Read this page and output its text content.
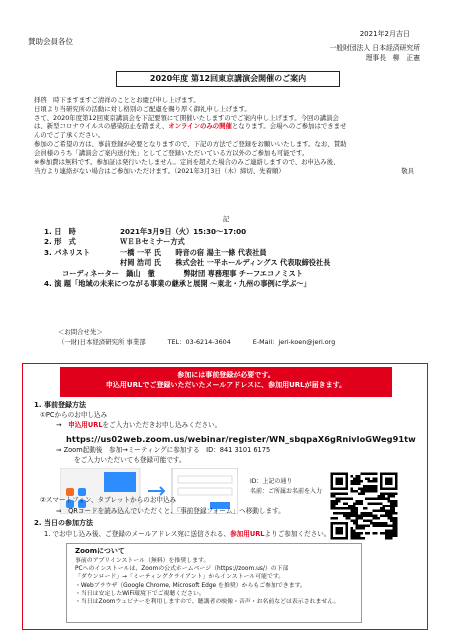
賛助会員各位
2021年2月吉日
一般財団法人 日本経済研究所
理事長　柳　正憲
2020年度 第12回東京講演会開催のご案内

拝啓　時下ますますご清祥のこととお慶び申し上げます。

日頃より当研究所の活動に対し格別のご配慮を賜り厚く御礼申し上げます。

さて、2020年度第12回東京講演会を下記要領にて開催いたしますのでご案内申し上げます。今回の講演会

は、新型コロナウイルスの感染防止を踏まえ、オンラインのみの開催となります。会場へのご参加はできませ

んのでご了承ください。

参加のご希望の方は、事前登録が必要となりますので、下記の方法でご登録をお願いいたします。なお、賛助

会員様のうち「講演会ご案内送付先」としてご登録いただいている方以外のご参加も可能です。

※参加費は無料です。参加証は発行いたしません。定員を超えた場合のみご連絡しますので、お申込み後、

当方より連絡がない場合はご参加いただけます。（2021年3月3日（木）締切、先着順）	敬具

記
1. 日　時	2021年3月9日（火）15:30～17:00
2. 形　式	ＷＥＢセミナー方式
3. パネリスト	一橋 一平 氏　　時音の宿 湯主一條 代表社員
村岡 浩司 氏　　株式会社 一平ホールディングス 代表取締役社長
コーディネーター　鍋山　徹　　　　弊財団 専務理事 チーフエコノミスト
4. 演 題「地域の未来につながる事業の継承と展開 ～東北・九州の事例に学ぶ～」
＜お問合せ先＞
（一財)日本経済研究所 事業部	TEL：03-6214-3604	E-Mail：jeri-koen@jeri.org
参加には事前登録が必要です。
申込用URLでご登録いただいたメールアドレスに、参加用URLが届きます。
1. 事前登録方法
①PCからのお申し込み
→　申込用URLをご入力いただきお申し込みください。
https://us02web.zoom.us/webinar/register/WN_sbqpaX6gRnivloGWeg91tw
⇒ Zoom起動後　参加→ミーティングに参加する　ID：841 3101 6175
をご入力いただいても登録可能です。
ID：上記の通り
名前：ご所属お名前を入力
②スマートフォン、タブレットからのお申込み
⇒　QRコードを読み込んでいただくと、「事前登録フォーム」へ移動します。
2. 当日の参加方法
1. でお申し込み後、ご登録のメールアドレス宛に送信される、参加用URLよりご参加ください。

Zoomについて

事前のアプリインストール（無料）を推奨します。

PCへのインストールは、Zoomの公式ホームページ（https://zoom.us/）の下部

「ダウンロード」→「ミーティングクライアント」からインストール可能です。

・Webブラウザ（Google Chrome, Microsoft Edge を推奨）からもご参加できます。

・当日は安定したWiFi環境下でご視聴ください。

・当日はZoomウェビナーを利用しますので、聴講者の映像・音声・お名前などは表示されません。
